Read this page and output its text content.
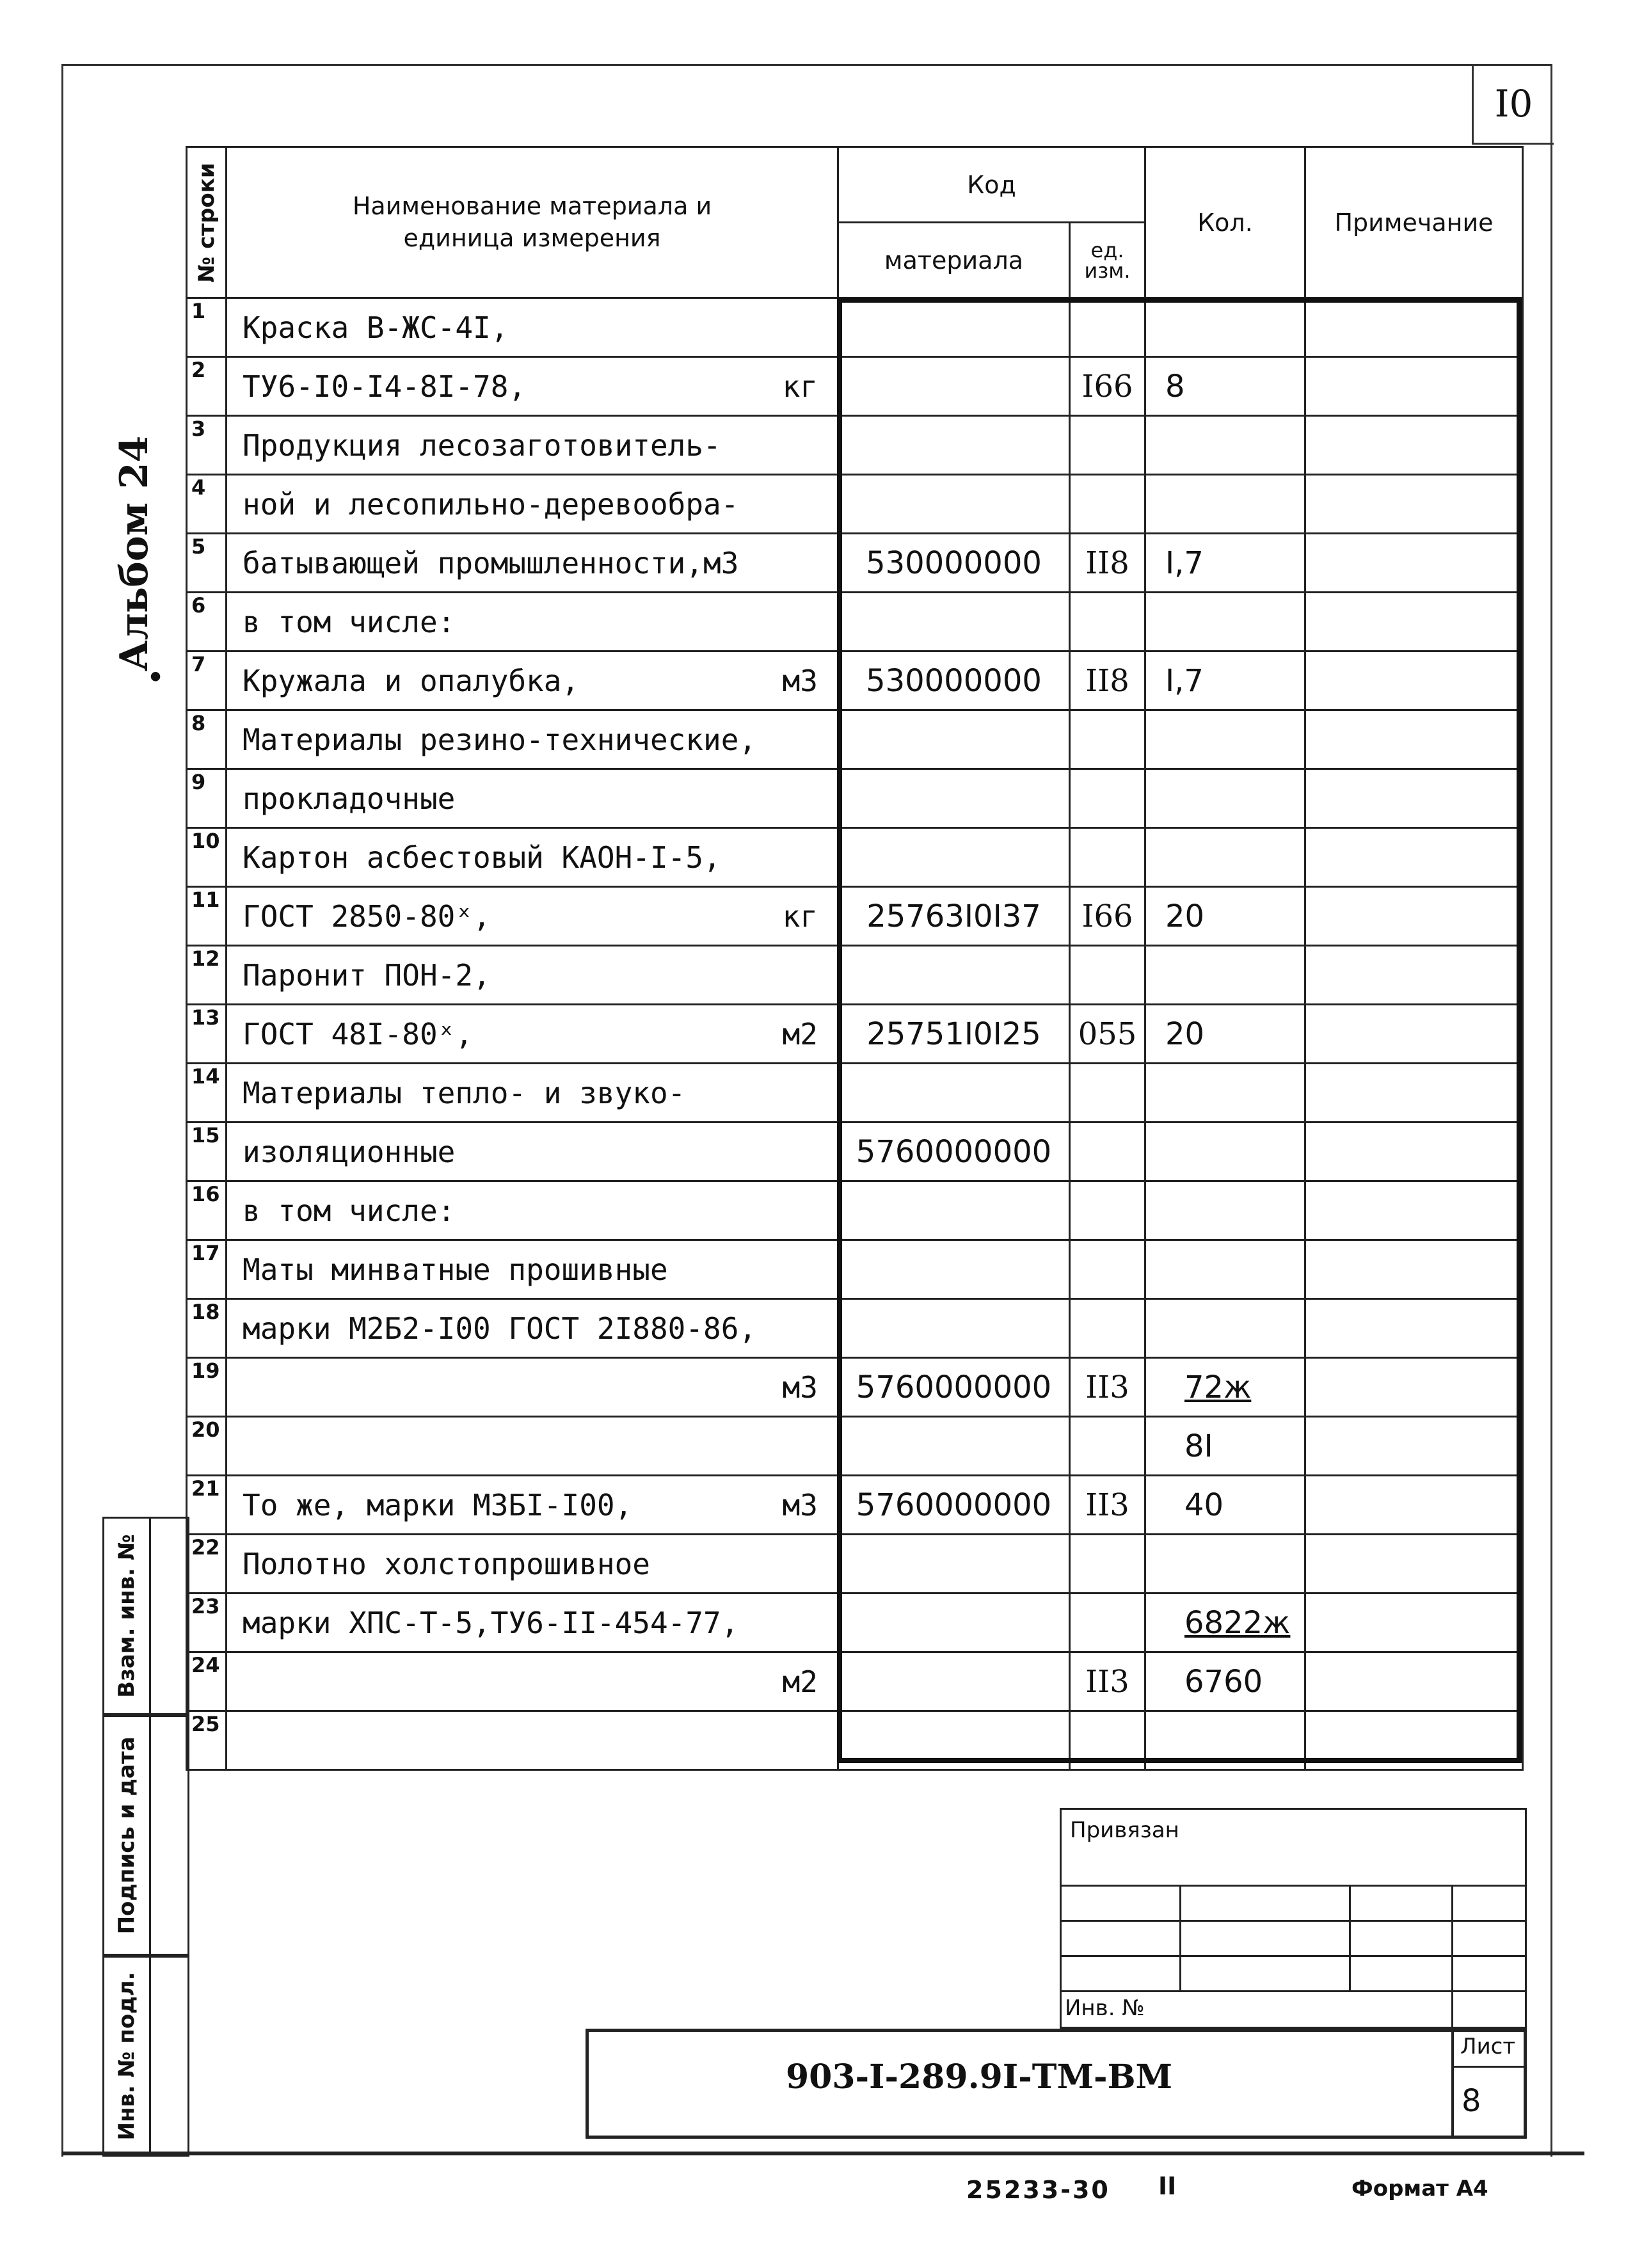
I0
Альбом 24
•
№ строки	Наименование материала и
единица измерения	Код		Кол.	Примечание
		материала	ед.
изм.		
1	Краска В-ЖС-4I,

2	ТУ6-I0-I4-8I-78, кг		I66	8	
3	Продукция лесозаготовитель-

4	ной и лесопильно-деревообра-

5	батывающей промышленности,м3	530000000	II8	I,7	
6	в том числе:

7	Кружала и опалубка, м3	530000000	II8	I,7	
8	Материалы резино-технические,

9	прокладочные

10	Картон асбестовый КАОН-I-5,

11	ГОСТ 2850-80ˣ, кг	25763I0I37	I66	20	
12	Паронит ПОН-2,

13	ГОСТ 48I-80ˣ, м2	25751I0I25	055	20	
14	Материалы тепло- и звуко-

15	изоляционные	5760000000			
16	в том числе:

17	Маты минватные прошивные

18	марки М2Б2-I00 ГОСТ 2I880-86,

19	м3	5760000000	II3	72ж	
20				8I	
21	То же, марки М3БI-I00, м3	5760000000	II3	40	
22	Полотно холстопрошивное

23	марки ХПС-Т-5,ТУ6-II-454-77,			6822ж	
24	м2		II3	6760	
25	

Взам. инв. №
Подпись и дата
Инв. № подл.
Привязан
Инв. №
Лист
8
903-I-289.9I-ТМ-ВМ
25233-30 II	Формат А4
